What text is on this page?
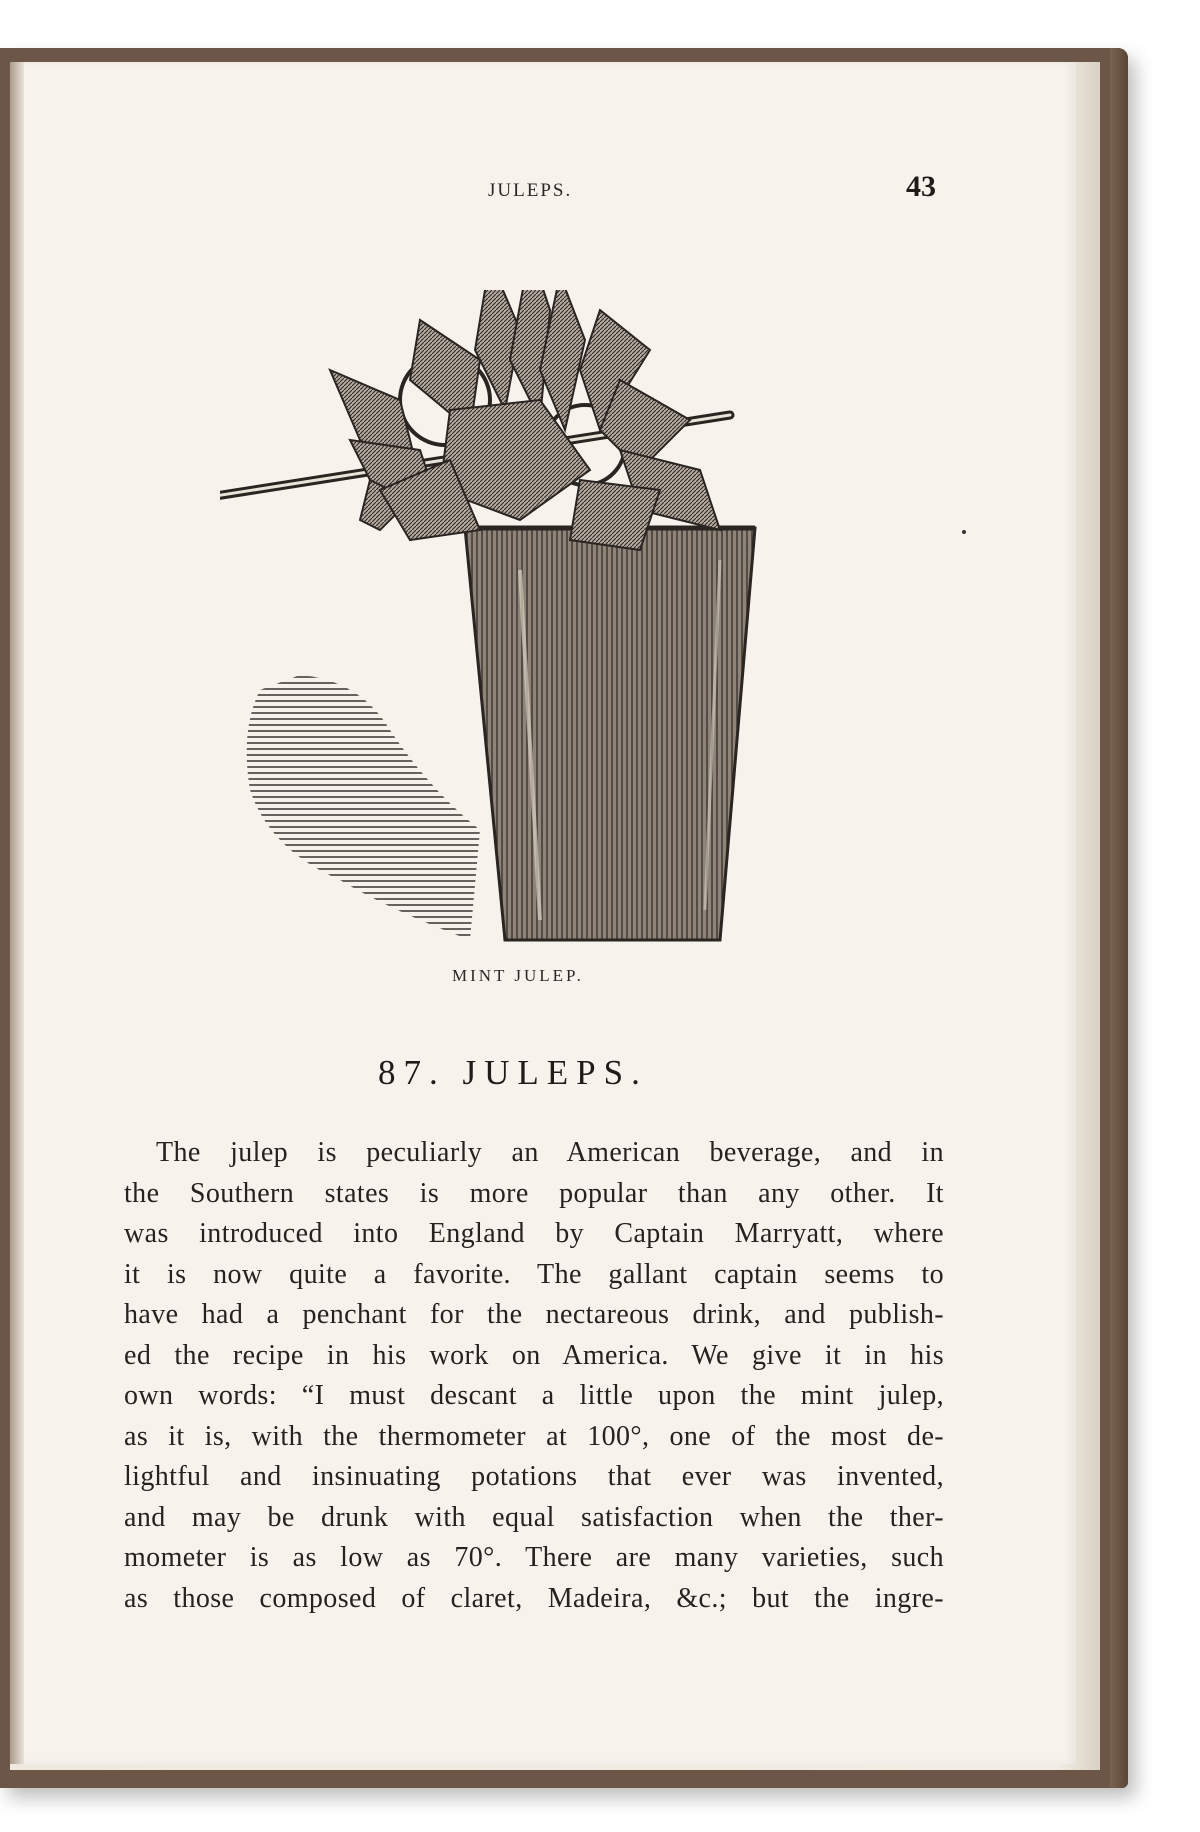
JULEPS.	43
MINT JULEP.
87. JULEPS.
The julep is peculiarly an American beverage, and in
the Southern states is more popular than any other. It
was introduced into England by Captain Marryatt, where
it is now quite a favorite. The gallant captain seems to
have had a penchant for the nectareous drink, and publish-
ed the recipe in his work on America. We give it in his
own words: “I must descant a little upon the mint julep,
as it is, with the thermometer at 100°, one of the most de-
lightful and insinuating potations that ever was invented,
and may be drunk with equal satisfaction when the ther-
mometer is as low as 70°. There are many varieties, such
as those composed of claret, Madeira, &c.; but the ingre-
